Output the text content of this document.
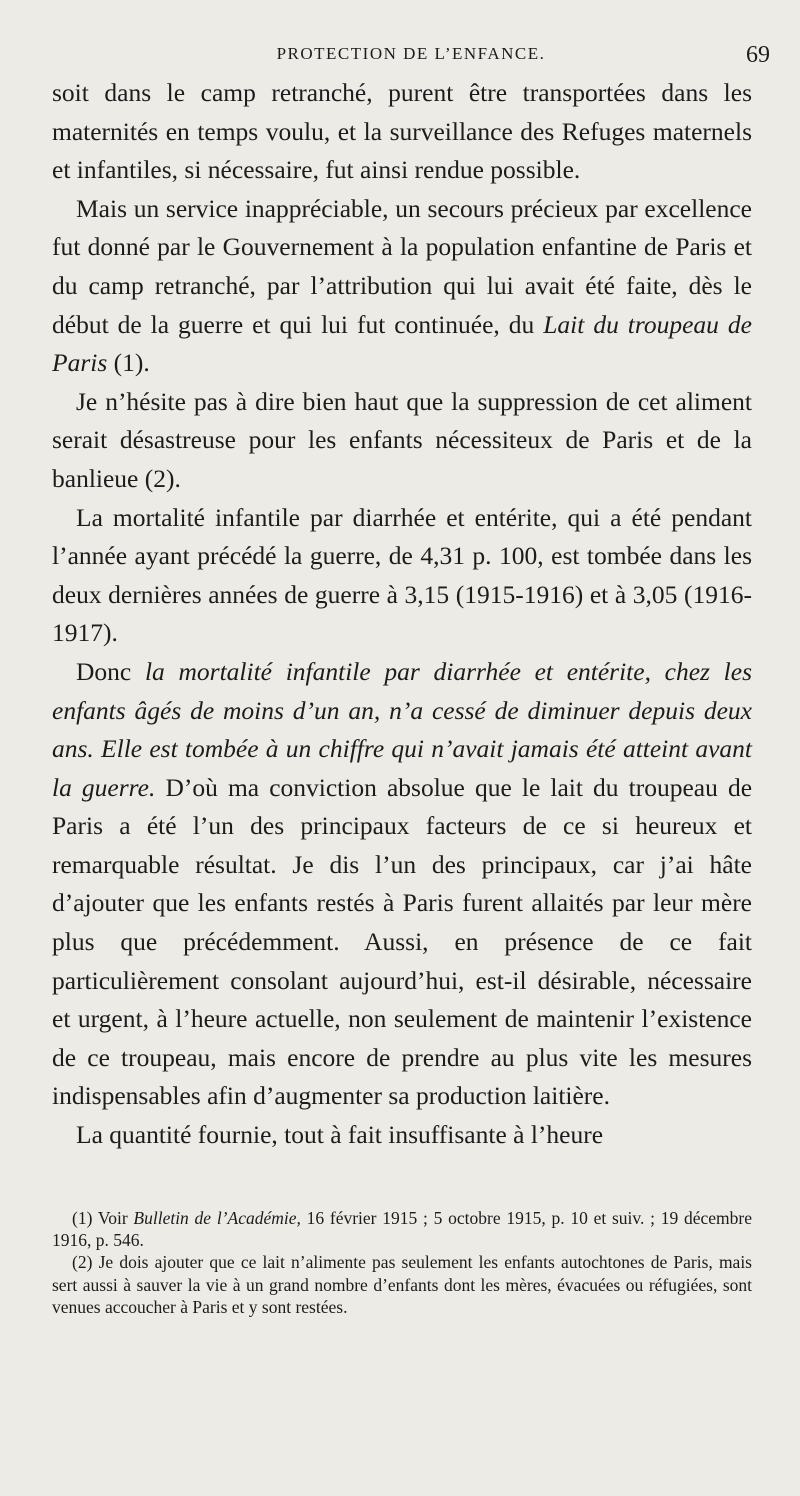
PROTECTION DE L’ENFANCE.	69

soit dans le camp retranché, purent être transportées dans les maternités en temps voulu, et la surveillance des Refuges maternels et infantiles, si nécessaire, fut ainsi rendue possible.

Mais un service inappréciable, un secours précieux par excellence fut donné par le Gouvernement à la population enfantine de Paris et du camp retranché, par l’attribution qui lui avait été faite, dès le début de la guerre et qui lui fut continuée, du Lait du troupeau de Paris (1).

Je n’hésite pas à dire bien haut que la suppression de cet aliment serait désastreuse pour les enfants nécessiteux de Paris et de la banlieue (2).

La mortalité infantile par diarrhée et entérite, qui a été pendant l’année ayant précédé la guerre, de 4,31 p. 100, est tombée dans les deux dernières années de guerre à 3,15 (1915-1916) et à 3,05 (1916-1917).

Donc la mortalité infantile par diarrhée et entérite, chez les enfants âgés de moins d’un an, n’a cessé de diminuer depuis deux ans. Elle est tombée à un chiffre qui n’avait jamais été atteint avant la guerre. D’où ma conviction absolue que le lait du troupeau de Paris a été l’un des principaux facteurs de ce si heureux et remarquable résultat. Je dis l’un des principaux, car j’ai hâte d’ajouter que les enfants restés à Paris furent allaités par leur mère plus que précédemment. Aussi, en présence de ce fait particulièrement consolant aujourd’hui, est-il désirable, nécessaire et urgent, à l’heure actuelle, non seulement de maintenir l’existence de ce troupeau, mais encore de prendre au plus vite les mesures indispensables afin d’augmenter sa production laitière.

La quantité fournie, tout à fait insuffisante à l’heure

(1) Voir Bulletin de l’Académie, 16 février 1915 ; 5 octobre 1915, p. 10 et suiv. ; 19 décembre 1916, p. 546.

(2) Je dois ajouter que ce lait n’alimente pas seulement les enfants autochtones de Paris, mais sert aussi à sauver la vie à un grand nombre d’enfants dont les mères, évacuées ou réfugiées, sont venues accoucher à Paris et y sont restées.
